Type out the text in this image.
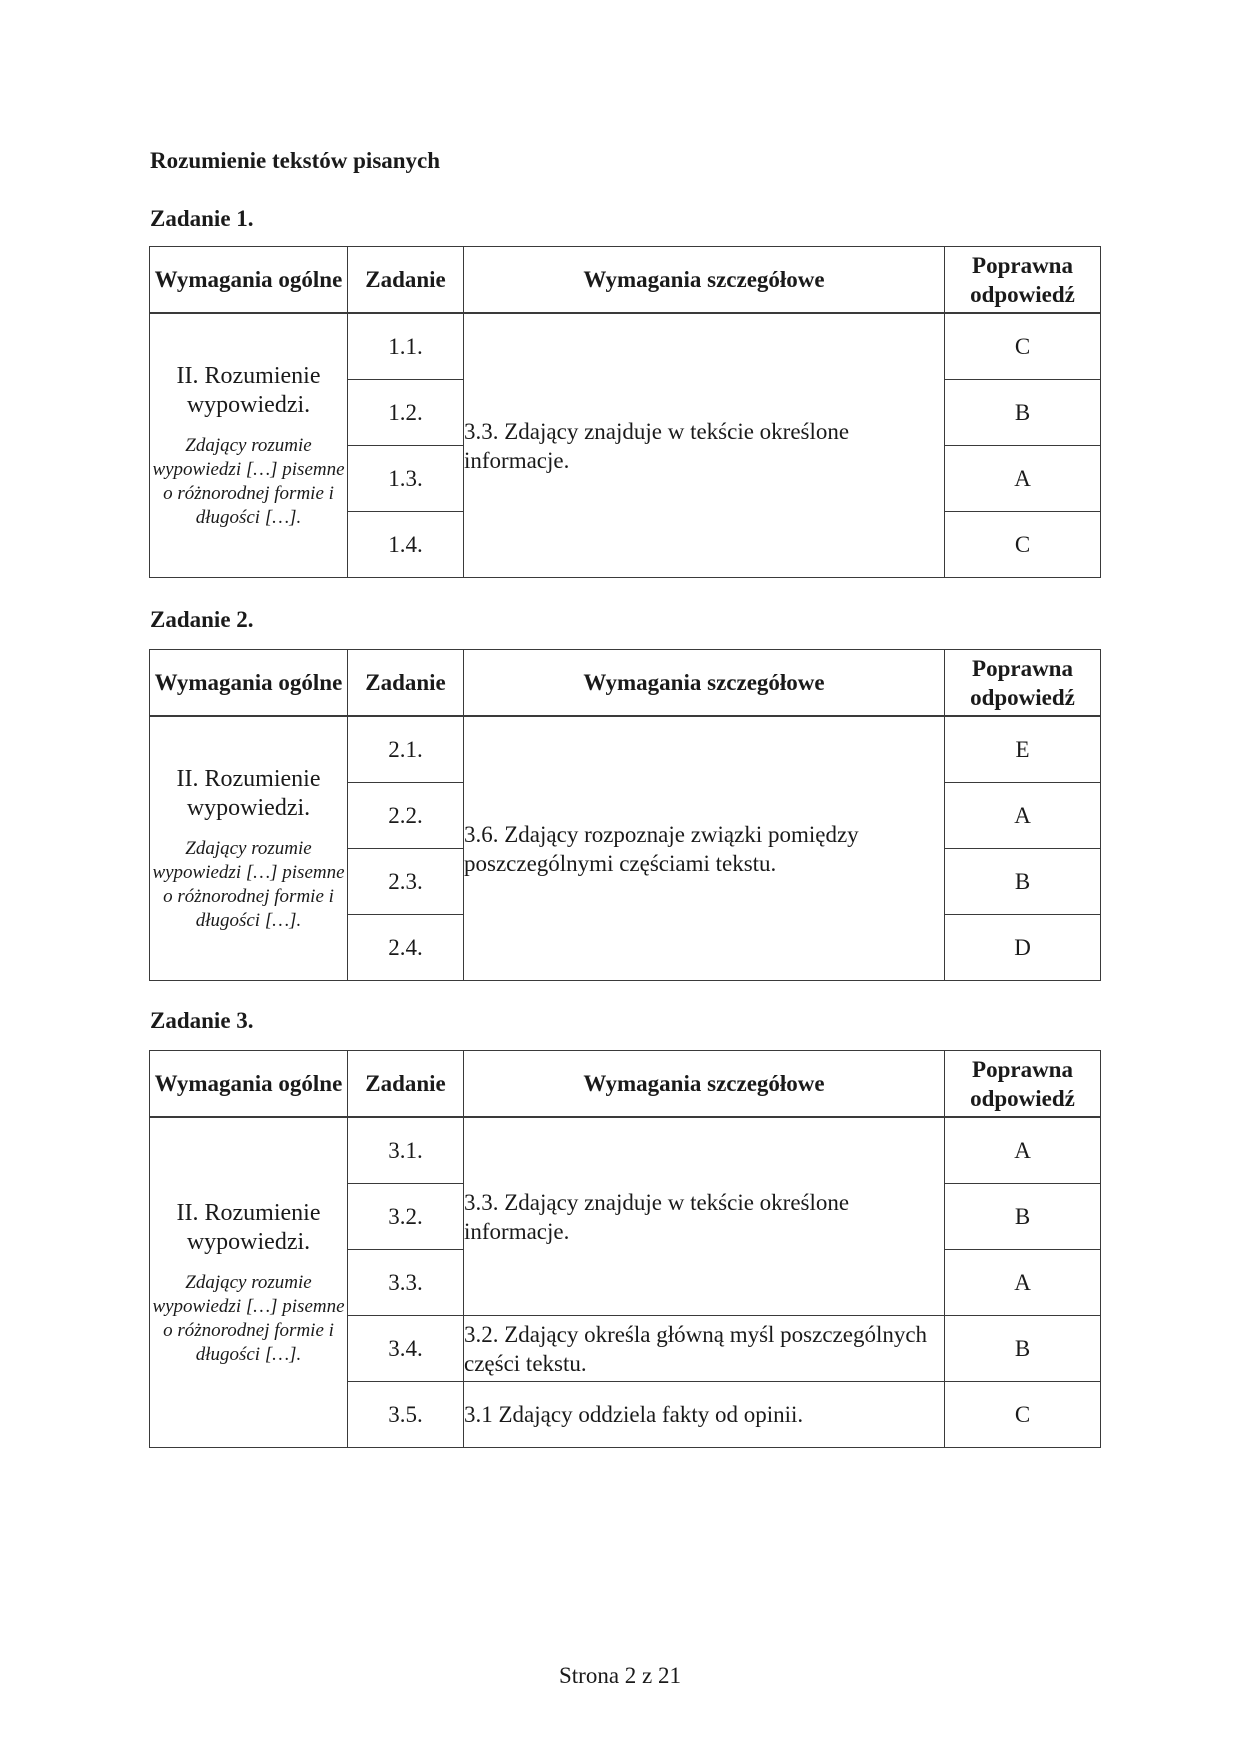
Rozumienie tekstów pisanych
Zadanie 1.
Wymagania ogólne	Zadanie	Wymagania szczegółowe	Poprawna odpowiedź

II. Rozumienie wypowiedzi.
Zdający rozumie wypowiedzi […] pisemne o różnorodnej formie i długości […].	1.1.	3.3. Zdający znajduje w tekście określone informacje.	C
	1.2.		B
	1.3.		A
	1.4.		C
Zadanie 2.
Wymagania ogólne	Zadanie	Wymagania szczegółowe	Poprawna odpowiedź

II. Rozumienie wypowiedzi.
Zdający rozumie wypowiedzi […] pisemne o różnorodnej formie i długości […].	2.1.	3.6. Zdający rozpoznaje związki pomiędzy poszczególnymi częściami tekstu.	E
	2.2.		A
	2.3.		B
	2.4.		D
Zadanie 3.
Wymagania ogólne	Zadanie	Wymagania szczegółowe	Poprawna odpowiedź

II. Rozumienie wypowiedzi.
Zdający rozumie wypowiedzi […] pisemne o różnorodnej formie i długości […].	3.1.	3.3. Zdający znajduje w tekście określone informacje.	A
	3.2.		B
	3.3.		A
	3.4.	3.2. Zdający określa główną myśl poszczególnych części tekstu.	B
	3.5.	3.1 Zdający oddziela fakty od opinii.	C
Strona 2 z 21
